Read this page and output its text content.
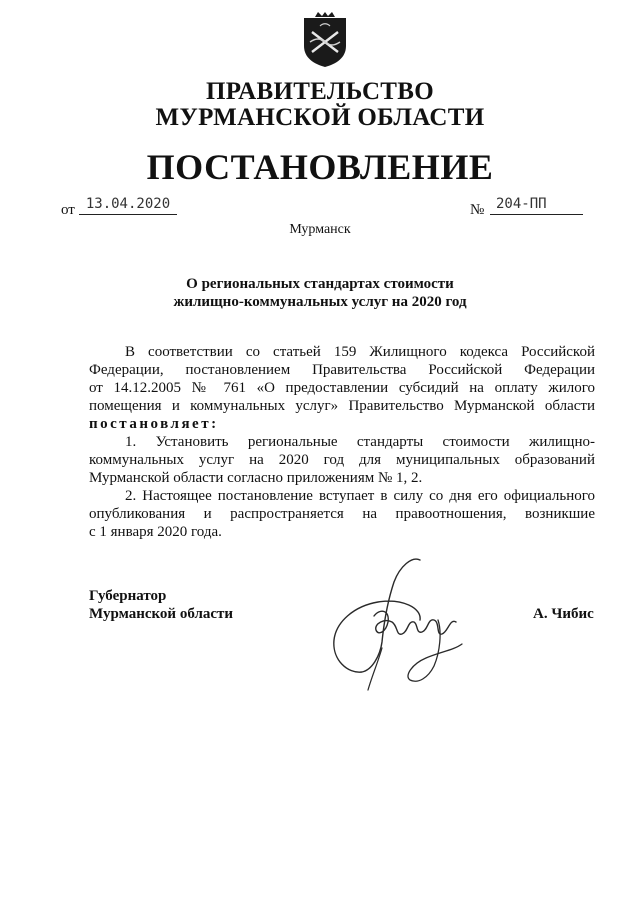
ПРАВИТЕЛЬСТВО
МУРМАНСКОЙ ОБЛАСТИ
ПОСТАНОВЛЕНИЕ
от 13.04.2020	№ 204-ПП
Мурманск
О региональных стандартах стоимости
жилищно-коммунальных услуг на 2020 год
В соответствии со статьей 159 Жилищного кодекса Российской
Федерации, постановлением Правительства Российской Федерации
от 14.12.2005 № 761 «О предоставлении субсидий на оплату жилого
помещения и коммунальных услуг» Правительство Мурманской области
постановляет:
1. Установить региональные стандарты стоимости жилищно-
коммунальных услуг на 2020 год для муниципальных образований
Мурманской области согласно приложениям № 1, 2.
2. Настоящее постановление вступает в силу со дня его официального
опубликования и распространяется на правоотношения, возникшие
с 1 января 2020 года.
Губернатор
Мурманской области	А. Чибис
